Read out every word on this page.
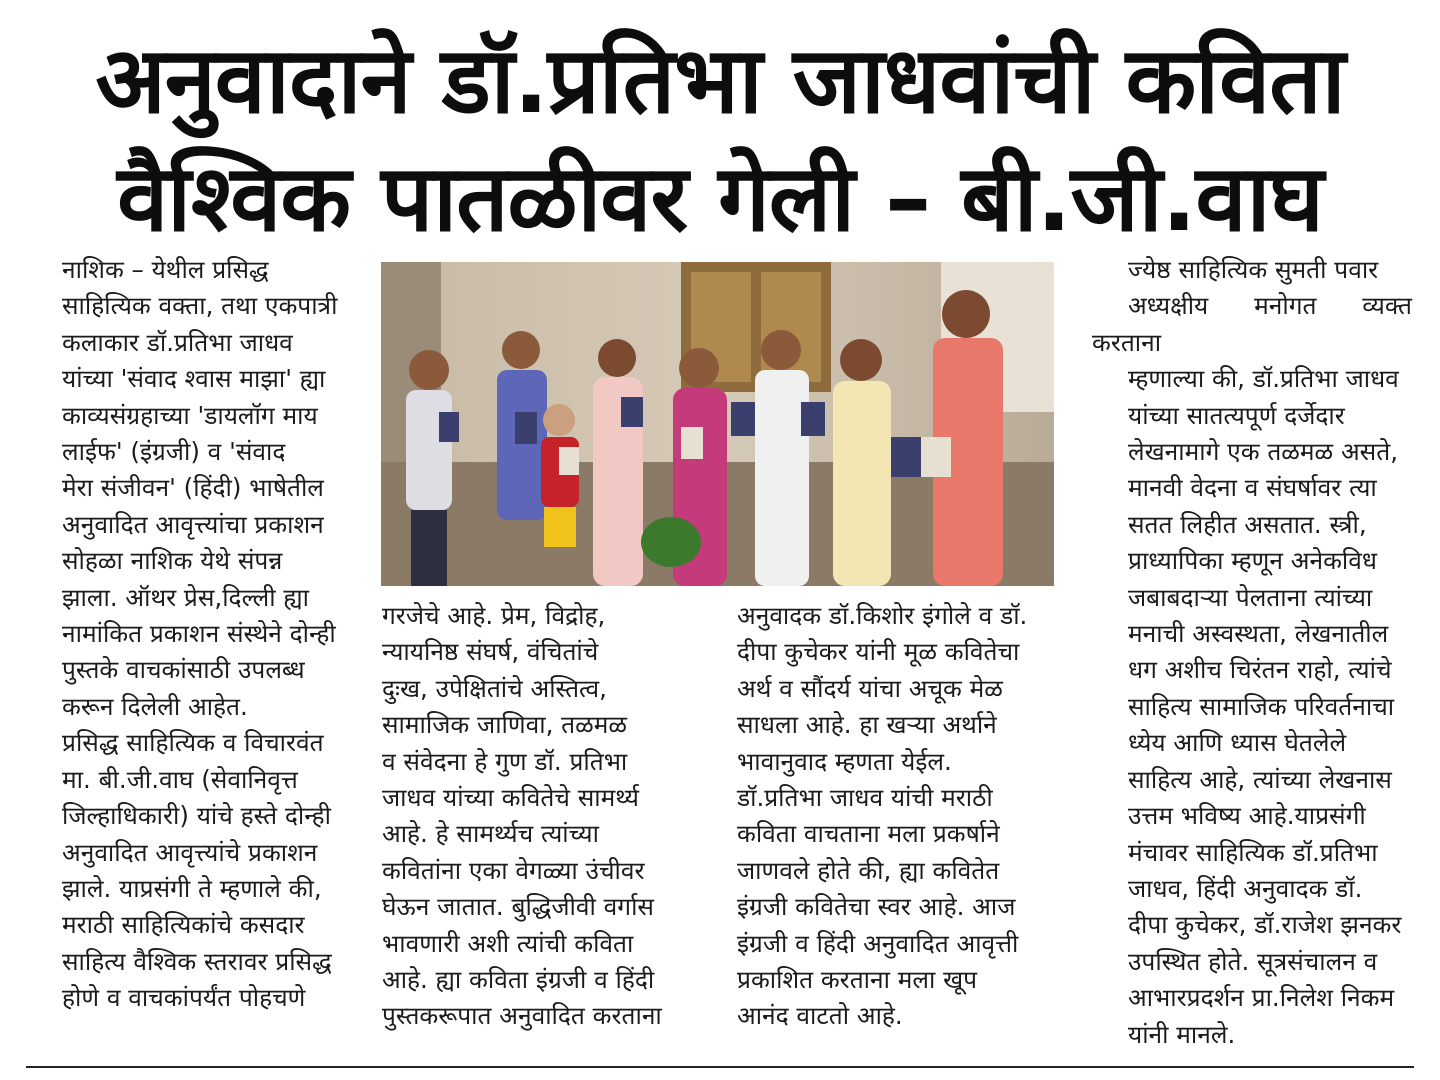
अनुवादाने डॉ.प्रतिभा जाधवांची कविता
वैश्विक पातळीवर गेली – बी.जी.वाघ

नाशिक – येथील प्रसिद्ध
साहित्यिक वक्ता, तथा एकपात्री
कलाकार डॉ.प्रतिभा जाधव
यांच्या 'संवाद श्वास माझा' ह्या
काव्यसंग्रहाच्या 'डायलॉग माय
लाईफ' (इंग्रजी) व 'संवाद
मेरा संजीवन' (हिंदी) भाषेतील
अनुवादित आवृत्त्यांचा प्रकाशन
सोहळा नाशिक येथे संपन्न
झाला. ऑथर प्रेस,दिल्ली ह्या
नामांकित प्रकाशन संस्थेने दोन्ही
पुस्तके वाचकांसाठी उपलब्ध
करून दिलेली आहेत.

प्रसिद्ध साहित्यिक व विचारवंत
मा. बी.जी.वाघ (सेवानिवृत्त
जिल्हाधिकारी) यांचे हस्ते दोन्ही
अनुवादित आवृत्त्यांचे प्रकाशन
झाले. याप्रसंगी ते म्हणाले की,
मराठी साहित्यिकांचे कसदार
साहित्य वैश्विक स्तरावर प्रसिद्ध
होणे व वाचकांपर्यंत पोहचणे

गरजेचे आहे. प्रेम, विद्रोह,
न्यायनिष्ठ संघर्ष, वंचितांचे
दुःख, उपेक्षितांचे अस्तित्व,
सामाजिक जाणिवा, तळमळ
व संवेदना हे गुण डॉ. प्रतिभा
जाधव यांच्या कवितेचे सामर्थ्य
आहे. हे सामर्थ्यच त्यांच्या
कवितांना एका वेगळ्या उंचीवर
घेऊन जातात. बुद्धिजीवी वर्गास
भावणारी अशी त्यांची कविता
आहे. ह्या कविता इंग्रजी व हिंदी
पुस्तकरूपात अनुवादित करताना

अनुवादक डॉ.किशोर इंगोले व डॉ.
दीपा कुचेकर यांनी मूळ कवितेचा
अर्थ व सौंदर्य यांचा अचूक मेळ
साधला आहे. हा खऱ्या अर्थाने
भावानुवाद म्हणता येईल.
डॉ.प्रतिभा जाधव यांची मराठी
कविता वाचताना मला प्रकर्षाने
जाणवले होते की, ह्या कवितेत
इंग्रजी कवितेचा स्वर आहे. आज
इंग्रजी व हिंदी अनुवादित आवृत्ती
प्रकाशित करताना मला खूप
आनंद वाटतो आहे.

ज्येष्ठ साहित्यिक सुमती पवार
अध्यक्षीय मनोगत व्यक्त करताना
म्हणाल्या की, डॉ.प्रतिभा जाधव
यांच्या सातत्यपूर्ण दर्जेदार
लेखनामागे एक तळमळ असते,
मानवी वेदना व संघर्षावर त्या
सतत लिहीत असतात. स्त्री,
प्राध्यापिका म्हणून अनेकविध
जबाबदाऱ्या पेलताना त्यांच्या
मनाची अस्वस्थता, लेखनातील
धग अशीच चिरंतन राहो, त्यांचे
साहित्य सामाजिक परिवर्तनाचा
ध्येय आणि ध्यास घेतलेले
साहित्य आहे, त्यांच्या लेखनास
उत्तम भविष्य आहे.याप्रसंगी
मंचावर साहित्यिक डॉ.प्रतिभा
जाधव, हिंदी अनुवादक डॉ.
दीपा कुचेकर, डॉ.राजेश झनकर
उपस्थित होते. सूत्रसंचालन व
आभारप्रदर्शन प्रा.निलेश निकम
यांनी मानले.
